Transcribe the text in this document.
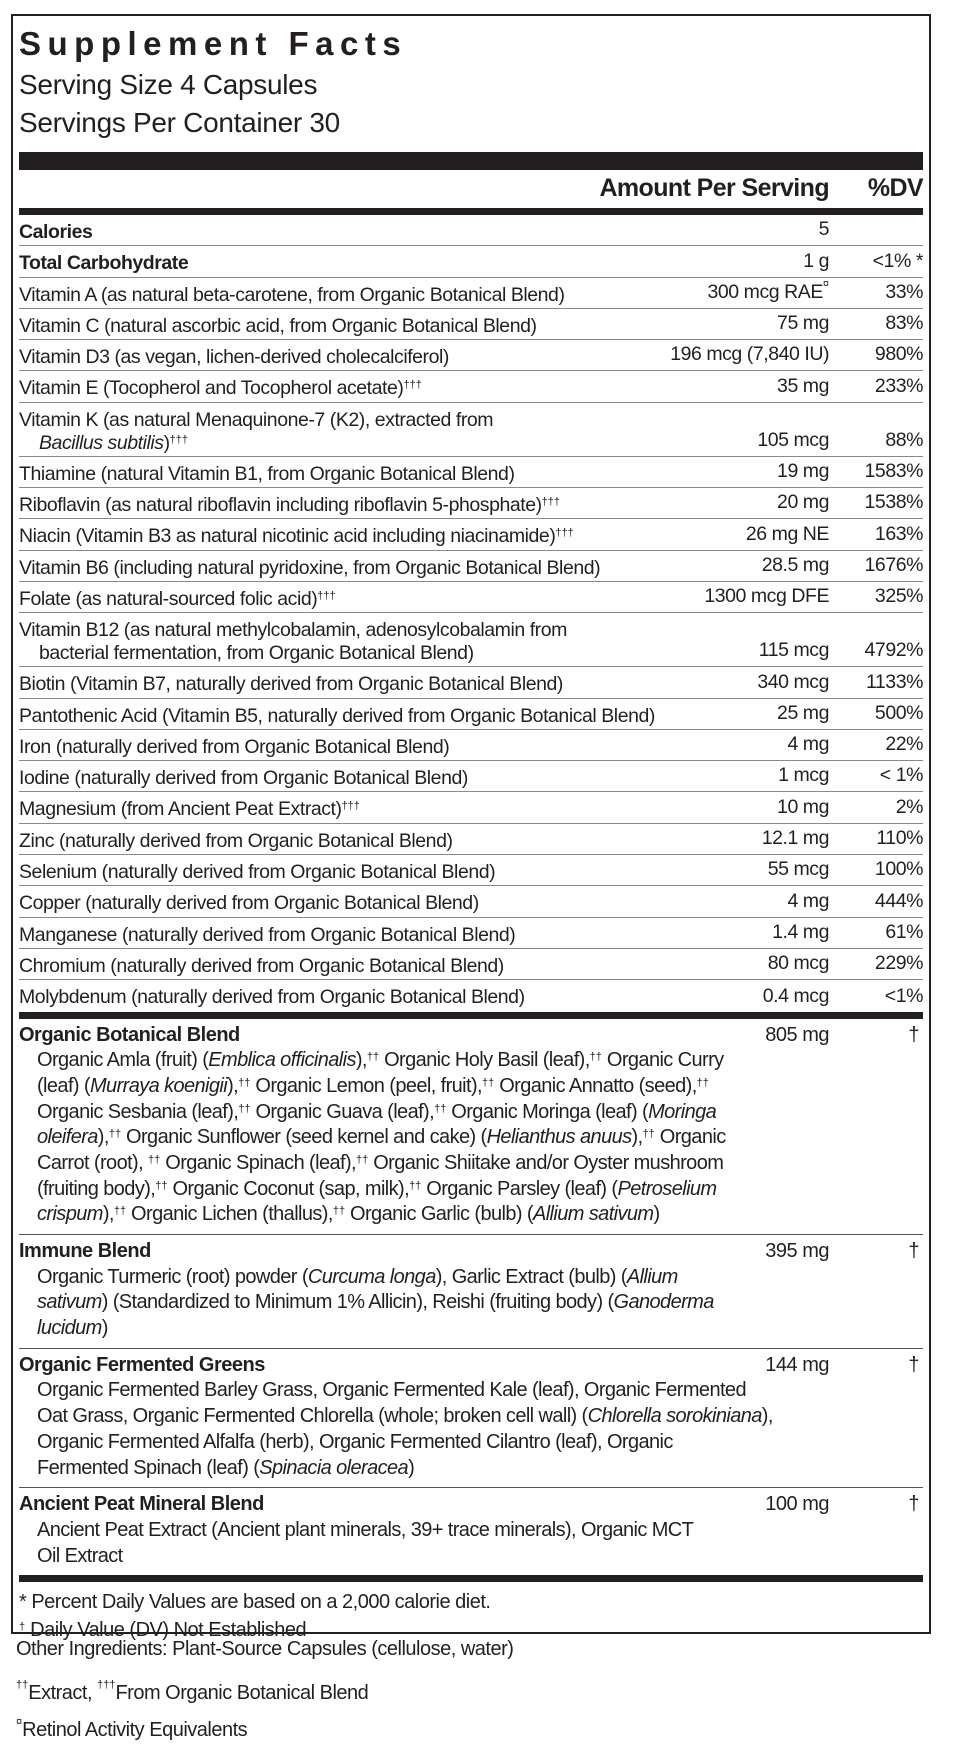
Supplement Facts
Serving Size 4 Capsules
Servings Per Container 30
Amount Per Serving %DV
Calories	5
Total Carbohydrate	1 g <1% *
Vitamin A (as natural beta-carotene, from Organic Botanical Blend)	300 mcg RAE¤	33%
Vitamin C (natural ascorbic acid, from Organic Botanical Blend)	75 mg	83%
Vitamin D3 (as vegan, lichen-derived cholecalciferol)	196 mcg (7,840 IU) 980%
Vitamin E (Tocopherol and Tocopherol acetate)†††	35 mg 233%
Vitamin K (as natural Menaquinone-7 (K2), extracted from
Bacillus subtilis)†††	105 mcg	88%
Thiamine (natural Vitamin B1, from Organic Botanical Blend)	19 mg 1583%
Riboflavin (as natural riboflavin including riboflavin 5-phosphate)†††	20 mg 1538%
Niacin (Vitamin B3 as natural nicotinic acid including niacinamide)†††	26 mg NE 163%
Vitamin B6 (including natural pyridoxine, from Organic Botanical Blend)	28.5 mg 1676%
Folate (as natural-sourced folic acid)†††	1300 mcg DFE 325%
Vitamin B12 (as natural methylcobalamin, adenosylcobalamin from
bacterial fermentation, from Organic Botanical Blend)	115 mcg 4792%
Biotin (Vitamin B7, naturally derived from Organic Botanical Blend)	340 mcg 1133%
Pantothenic Acid (Vitamin B5, naturally derived from Organic Botanical Blend)	25 mg 500%
Iron (naturally derived from Organic Botanical Blend)	4 mg	22%
Iodine (naturally derived from Organic Botanical Blend)	1 mcg	< 1%
Magnesium (from Ancient Peat Extract)†††	10 mg	2%
Zinc (naturally derived from Organic Botanical Blend)	12.1 mg 110%
Selenium (naturally derived from Organic Botanical Blend)	55 mcg 100%
Copper (naturally derived from Organic Botanical Blend)	4 mg 444%
Manganese (naturally derived from Organic Botanical Blend)	1.4 mg	61%
Chromium (naturally derived from Organic Botanical Blend)	80 mcg 229%
Molybdenum (naturally derived from Organic Botanical Blend)	0.4 mcg	<1%
Organic Botanical Blend	805 mg	†
Organic Amla (fruit) (Emblica officinalis),†† Organic Holy Basil (leaf),†† Organic Curry
(leaf) (Murraya koenigii),†† Organic Lemon (peel, fruit),†† Organic Annatto (seed),††
Organic Sesbania (leaf),†† Organic Guava (leaf),†† Organic Moringa (leaf) (Moringa
oleifera),†† Organic Sunflower (seed kernel and cake) (Helianthus anuus),†† Organic
Carrot (root), †† Organic Spinach (leaf),†† Organic Shiitake and/or Oyster mushroom
(fruiting body),†† Organic Coconut (sap, milk),†† Organic Parsley (leaf) (Petroselium
crispum),†† Organic Lichen (thallus),†† Organic Garlic (bulb) (Allium sativum)
Immune Blend	395 mg	†
Organic Turmeric (root) powder (Curcuma longa), Garlic Extract (bulb) (Allium
sativum) (Standardized to Minimum 1% Allicin), Reishi (fruiting body) (Ganoderma
lucidum)
Organic Fermented Greens	144 mg	†
Organic Fermented Barley Grass, Organic Fermented Kale (leaf), Organic Fermented
Oat Grass, Organic Fermented Chlorella (whole; broken cell wall) (Chlorella sorokiniana),
Organic Fermented Alfalfa (herb), Organic Fermented Cilantro (leaf), Organic
Fermented Spinach (leaf) (Spinacia oleracea)
Ancient Peat Mineral Blend	100 mg	†
Ancient Peat Extract (Ancient plant minerals, 39+ trace minerals), Organic MCT
Oil Extract
* Percent Daily Values are based on a 2,000 calorie diet.
† Daily Value (DV) Not Established
Other Ingredients: Plant-Source Capsules (cellulose, water)
††Extract, †††From Organic Botanical Blend
¤Retinol Activity Equivalents
